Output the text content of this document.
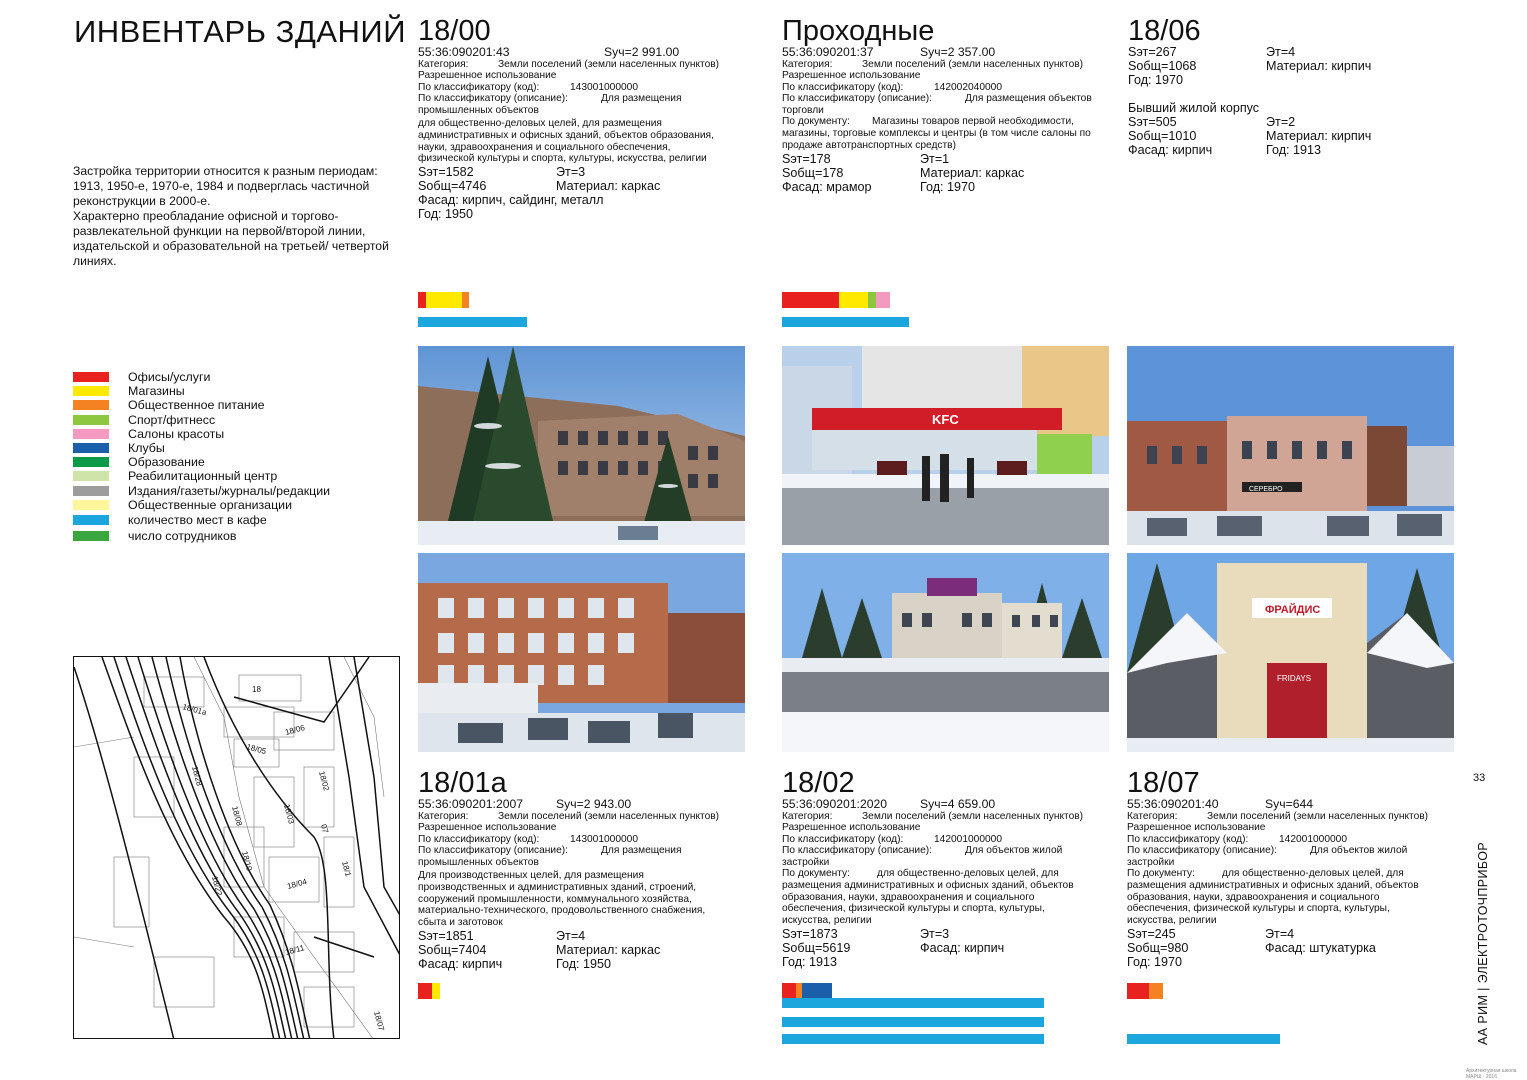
ИНВЕНТАРЬ ЗДАНИЙ

Застройка территории относится к разным периодам: 1913, 1950-е, 1970-е, 1984 и подверглась частичной реконструкции в 2000-е.

Характерно преобладание офисной и торгово-развлекательной функции на первой/второй линии, издательской и образовательной на третьей/ четвертой линиях.

Офисы/услуги
Магазины
Общественное питание
Спорт/фитнесс
Салоны красоты
Клубы
Образование
Реабилитационный центр
Издания/газеты/журналы/редакции
Общественные организации
количество мест в кафе
число сотрудников
18
18/01а
18/06
18/05
18/02
18/28
18/08	18/03
07
18/10	18/1
18/22	18/04
18/11
18/07
18/00
55:36:090201:43	Sуч=2 991.00
Категория:	Земли поселений (земли населенных пунктов)
Разрешенное использование
По классификатору (код):	143001000000
По классификатору (описание):	Для размещения
промышленных объектов
для общественно-деловых целей, для размещения
административных и офисных зданий, объектов образования,
науки, здравоохранения и социального обеспечения,
физической культуры и спорта, культуры, искусства, религии
Sэт=1582	Эт=3
Sобщ=4746	Материал: каркас
Фасад: кирпич, сайдинг, металл
Год: 1950
Проходные
55:36:090201:37	Sуч=2 357.00
Категория:	Земли поселений (земли населенных пунктов)
Разрешенное использование
По классификатору (код):	142002040000
По классификатору (описание):	Для размещения объектов
торговли
По документу:	Магазины товаров первой необходимости,
магазины, торговые комплексы и центры (в том числе салоны по
продаже автотранспортных средств)
Sэт=178	Эт=1
Sобщ=178	Материал: каркас
Фасад: мрамор	Год: 1970
18/06
Sэт=267	Эт=4
Sобщ=1068	Материал: кирпич
Год: 1970
Бывший жилой корпус
Sэт=505	Эт=2
Sобщ=1010	Материал: кирпич
Фасад: кирпич	Год: 1913
KFC
СЕРЕБРО
ФРАЙДИС
FRIDAYS
18/01а
55:36:090201:2007	Sуч=2 943.00
Категория:	Земли поселений (земли населенных пунктов)
Разрешенное использование
По классификатору (код):	143001000000
По классификатору (описание):	Для размещения
промышленных объектов
Для производственных целей, для размещения
производственных и административных зданий, строений,
сооружений промышленности, коммунального хозяйства,
материально-технического, продовольственного снабжения,
сбыта и заготовок
Sэт=1851	Эт=4
Sобщ=7404	Материал: каркас
Фасад: кирпич	Год: 1950
18/02
55:36:090201:2020	Sуч=4 659.00
Категория:	Земли поселений (земли населенных пунктов)
Разрешенное использование
По классификатору (код):	142001000000
По классификатору (описание):	Для объектов жилой
застройки
По документу:	для общественно-деловых целей, для
размещения административных и офисных зданий, объектов
образования, науки, здравоохранения и социального
обеспечения, физической культуры и спорта, культуры,
искусства, религии
Sэт=1873	Эт=3
Sобщ=5619	Фасад: кирпич
Год: 1913
18/07
55:36:090201:40	Sуч=644
Категория:	Земли поселений (земли населенных пунктов)
Разрешенное использование
По классификатору (код):	142001000000
По классификатору (описание):	Для объектов жилой
застройки
По документу:	для общественно-деловых целей, для
размещения административных и офисных зданий, объектов
образования, науки, здравоохранения и социального
обеспечения, физической культуры и спорта, культуры,
искусства, религии
Sэт=245	Эт=4
Sобщ=980	Фасад: штукатурка
Год: 1970
33
АА РИМ | ЭЛЕКТРОТОЧПРИБОР
Архитектурная школа МАРШ · 2016
